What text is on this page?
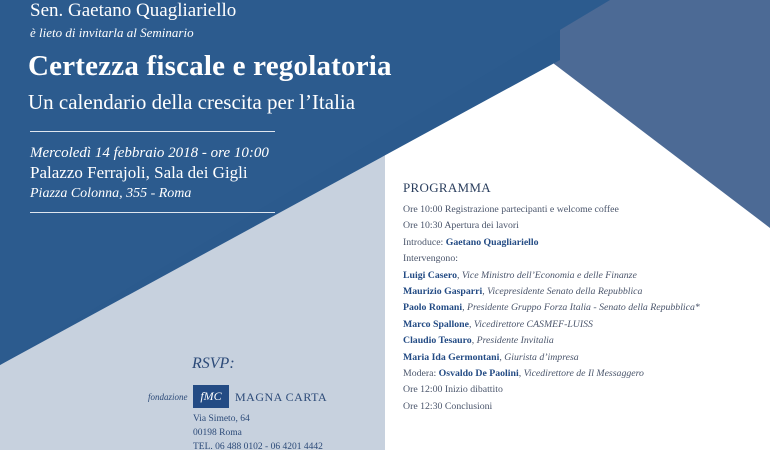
Sen. Gaetano Quagliariello
è lieto di invitarla al Seminario
Certezza fiscale e regolatoria
Un calendario della crescita per l’Italia
Mercoledì 14 febbraio 2018 - ore 10:00
Palazzo Ferrajoli, Sala dei Gigli
Piazza Colonna, 355 - Roma
RSVP:
fondazione	fMC	MAGNA CARTA
Via Simeto, 64
00198 Roma
TEL. 06 488 0102 - 06 4201 4442
PROGRAMMA
Ore 10:00 Registrazione partecipanti e welcome coffee
Ore 10:30 Apertura dei lavori
Introduce: Gaetano Quagliariello
Intervengono:
Luigi Casero, Vice Ministro dell’Economia e delle Finanze
Maurizio Gasparri, Vicepresidente Senato della Repubblica
Paolo Romani, Presidente Gruppo Forza Italia - Senato della Repubblica*
Marco Spallone, Vicedirettore CASMEF-LUISS
Claudio Tesauro, Presidente Invitalia
Maria Ida Germontani, Giurista d’impresa
Modera: Osvaldo De Paolini, Vicedirettore de Il Messaggero
Ore 12:00 Inizio dibattito
Ore 12:30 Conclusioni
